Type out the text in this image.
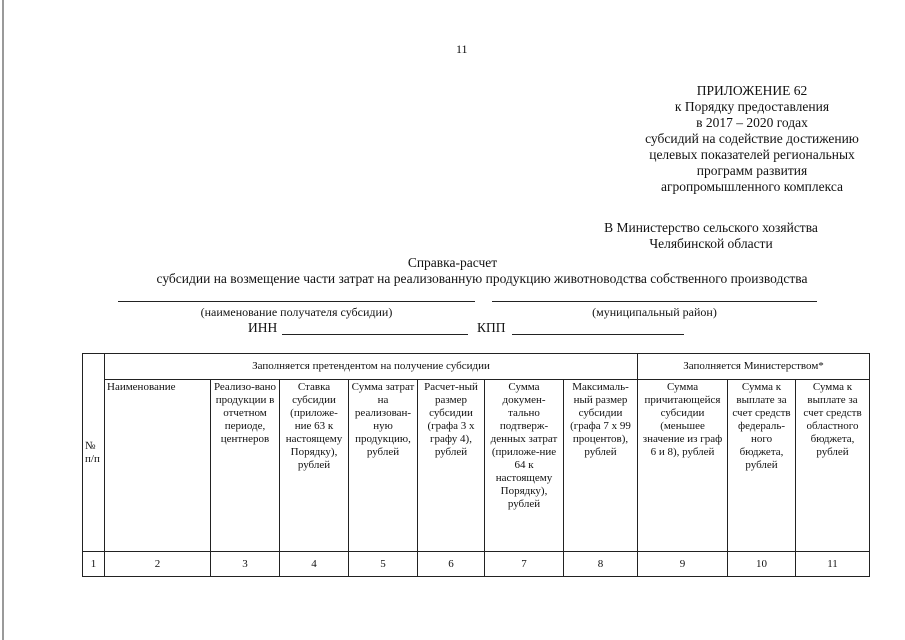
11
ПРИЛОЖЕНИЕ 62
к Порядку предоставления
в 2017 – 2020 годах
субсидий на содействие достижению
целевых показателей региональных
программ развития
агропромышленного комплекса
В Министерство сельского хозяйства
Челябинской области
Справка-расчет
субсидии на возмещение части затрат на реализованную продукцию животноводства собственного производства
(наименование получателя субсидии)	(муниципальный район)
ИНН	КПП
№ п/п	Заполняется претендентом на получение субсидии							Заполняется Министерством*		
	Наименование	Реализо-вано продукции в отчетном периоде, центнеров	Ставка субсидии (приложе-ние 63 к настоящему Порядку), рублей	Сумма затрат на реализован-ную продукцию, рублей	Расчет-ный размер субсидии (графа 3 х графу 4), рублей	Сумма докумен-тально подтверж-денных затрат (приложе-ние 64 к настоящему Порядку), рублей	Максималь-ный размер субсидии (графа 7 х 99 процентов), рублей	Сумма причитающейся субсидии (меньшее значение из граф 6 и 8), рублей	Сумма к выплате за счет средств федераль-ного бюджета, рублей	Сумма к выплате за счет средств областного бюджета, рублей
1	2	3	4	5	6	7	8	9	10	11
